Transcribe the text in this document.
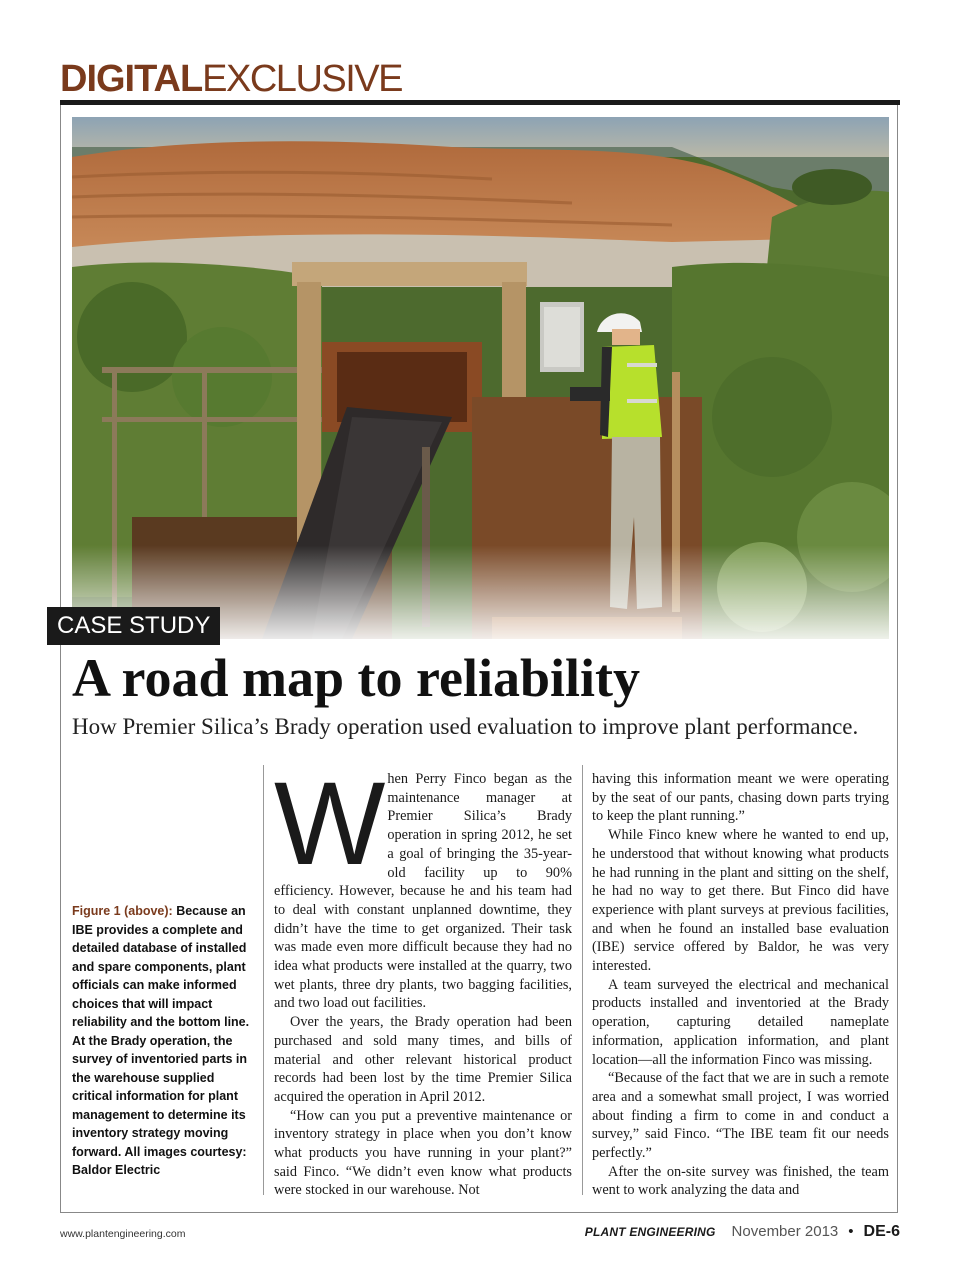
DIGITAL EXCLUSIVE
CASE STUDY
A road map to reliability

How Premier Silica’s Brady operation used evaluation to improve plant performance.

Figure 1 (above): Because an IBE provides a complete and detailed database of installed and spare components, plant officials can make informed choices that will impact reliability and the bottom line. At the Brady operation, the survey of inventoried parts in the warehouse supplied critical information for plant management to determine its inventory strategy moving forward. All images courtesy: Baldor Electric

When Perry Finco began as the maintenance manager at Premier Silica’s Brady operation in spring 2012, he set a goal of bringing the 35-year-old facility up to 90% efficiency. However, because he and his team had to deal with constant unplanned downtime, they didn’t have the time to get organized. Their task was made even more difficult because they had no idea what products were installed at the quarry, two wet plants, three dry plants, two bagging facilities, and two load out facilities.

Over the years, the Brady operation had been purchased and sold many times, and bills of material and other relevant historical product records had been lost by the time Premier Silica acquired the operation in April 2012.

“How can you put a preventive maintenance or inventory strategy in place when you don’t know what products you have running in your plant?” said Finco. “We didn’t even know what products were stocked in our warehouse. Not

having this information meant we were operating by the seat of our pants, chasing down parts trying to keep the plant running.”

While Finco knew where he wanted to end up, he understood that without knowing what products he had running in the plant and sitting on the shelf, he had no way to get there. But Finco did have experience with plant surveys at previous facilities, and when he found an installed base evaluation (IBE) service offered by Baldor, he was very interested.

A team surveyed the electrical and mechanical products installed and inventoried at the Brady operation, capturing detailed nameplate information, application information, and plant location—all the information Finco was missing.

“Because of the fact that we are in such a remote area and a somewhat small project, I was worried about finding a firm to come in and conduct a survey,” said Finco. “The IBE team fit our needs perfectly.”

After the on-site survey was finished, the team went to work analyzing the data and

www.plantengineering.com	PLANT ENGINEERING November 2013 • DE-6
